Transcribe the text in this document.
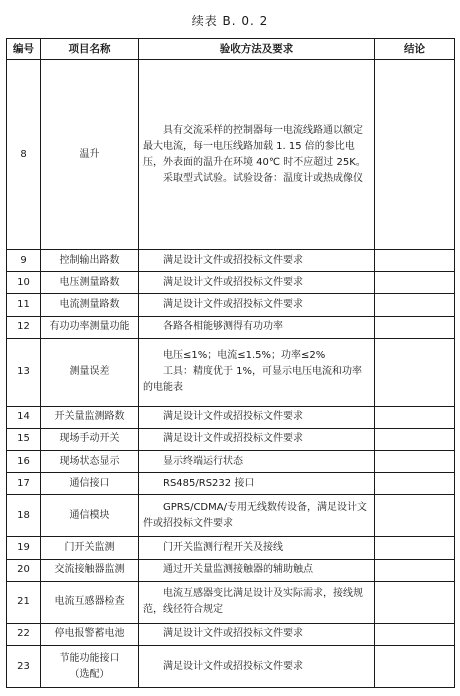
续表 B. 0. 2
编号	项目名称	验收方法及要求	结论
8	温升	具有交流采样的控制器每一电流线路通以额定最大电流，每一电压线路加载 1. 15 倍的参比电压，外表面的温升在环境 40℃ 时不应超过 25K。

采取型式试验。试验设备：温度计或热成像仪	

9	控制输出路数	满足设计文件或招投标文件要求	

10	电压测量路数	满足设计文件或招投标文件要求	

11	电流测量路数	满足设计文件或招投标文件要求	

12	有功功率测量功能	各路各相能够测得有功功率	

13	测量误差	电压≤1%；电流≤1.5%；功率≤2%

工具：精度优于 1%，可显示电压电流和功率的电能表	

14	开关量监测路数	满足设计文件或招投标文件要求	

15	现场手动开关	满足设计文件或招投标文件要求	

16	现场状态显示	显示终端运行状态	

17	通信接口	RS485/RS232 接口	

18	通信模块	GPRS/CDMA/专用无线数传设备，满足设计文件或招投标文件要求	

19	门开关监测	门开关监测行程开关及接线	

20	交流接触器监测	通过开关量监测接触器的辅助触点	

21	电流互感器检查	电流互感器变比满足设计及实际需求，接线规范，线径符合规定	

22	停电报警蓄电池	满足设计文件或招投标文件要求	

23	节能功能接口
（选配）	满足设计文件或招投标文件要求	
